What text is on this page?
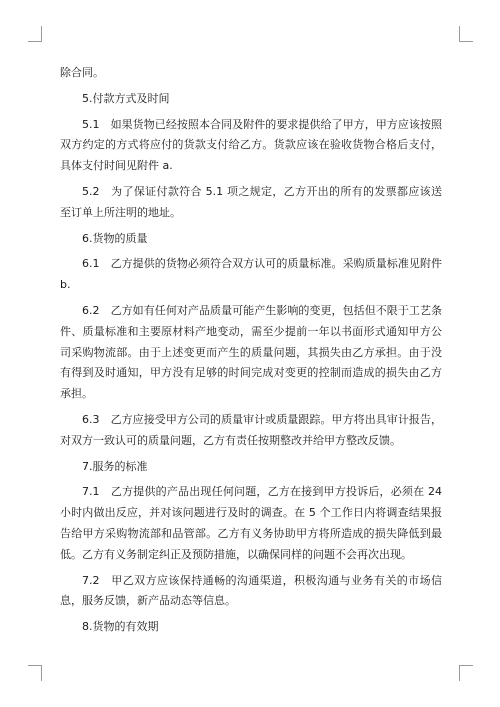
除合同。

5.付款方式及时间

5.1　如果货物已经按照本合同及附件的要求提供给了甲方，甲方应该按照双方约定的方式将应付的货款支付给乙方。货款应该在验收货物合格后支付，具体支付时间见附件 a.

5.2　为了保证付款符合 5.1 项之规定，乙方开出的所有的发票都应该送至订单上所注明的地址。

6.货物的质量

6.1　乙方提供的货物必须符合双方认可的质量标准。采购质量标准见附件 b.

6.2　乙方如有任何对产品质量可能产生影响的变更，包括但不限于工艺条件、质量标准和主要原材料产地变动，需至少提前一年以书面形式通知甲方公司采购物流部。由于上述变更而产生的质量问题，其损失由乙方承担。由于没有得到及时通知，甲方没有足够的时间完成对变更的控制而造成的损失由乙方承担。

6.3　乙方应接受甲方公司的质量审计或质量跟踪。甲方将出具审计报告，对双方一致认可的质量问题，乙方有责任按期整改并给甲方整改反馈。

7.服务的标准

7.1　乙方提供的产品出现任何问题，乙方在接到甲方投诉后，必须在 24 小时内做出反应，并对该问题进行及时的调查。在 5 个工作日内将调查结果报告给甲方采购物流部和品管部。乙方有义务协助甲方将所造成的损失降低到最低。乙方有义务制定纠正及预防措施，以确保同样的问题不会再次出现。

7.2　甲乙双方应该保持通畅的沟通渠道，积极沟通与业务有关的市场信息，服务反馈，新产品动态等信息。

8.货物的有效期
